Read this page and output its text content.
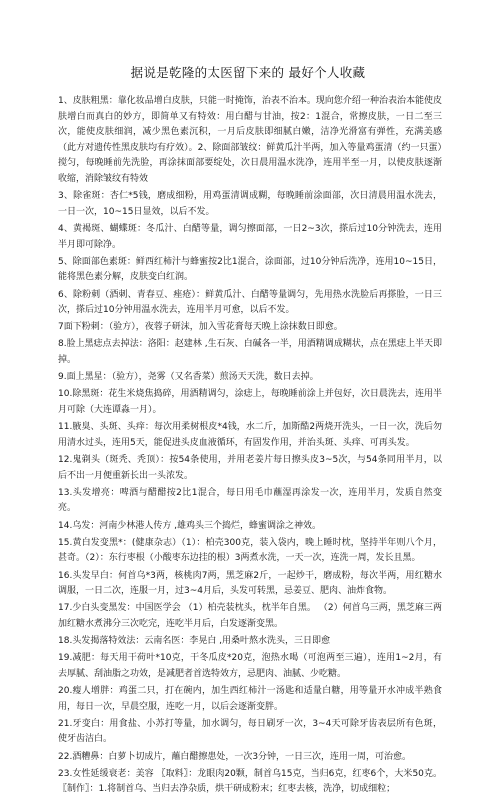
据说是乾隆的太医留下来的 最好个人收藏

1、皮肤粗黑：靠化妆品增白皮肤，只能一时掩饰，治表不治本。现向您介绍一种治表治本能使皮肤增白而真白的妙方，即简单又有特效：用白醋与甘油，按2：1混合，常擦皮肤，一日二至三次，能使皮肤细润，减少黑色素沉积，一月后皮肤即细腻白嫩，洁净光滑富有弹性，充满美感（此方对遗传性黑皮肤均有疗效）。2、除面部皱纹：鲜黄瓜汁半两，加入等量鸡蛋清（约一只蛋）搅匀，每晚睡前先洗脸，再涂抹面部要绽处，次日晨用温水洗净，连用半至一月，以使皮肤逐渐收缩，消除皱纹有特效

3、除雀斑：杏仁*5钱，磨成细粉，用鸡蛋清调成糊，每晚睡前涂面部，次日清晨用温水洗去，一日一次，10~15日显效，以后不发。

4、黄褐斑、蝴蝶斑：冬瓜汁、白醋等量，调匀擦面部，一日2~3次，搽后过10分钟洗去，连用半月即可除净。

5、除面部色素斑：鲜西红柿汁与蜂蜜按2比1混合，涂面部，过10分钟后洗净，连用10~15日，能将黑色素分解，皮肤变白红润。

6、除粉刺（酒刺、青春豆、痤疮）：鲜黄瓜汁、白醋等量调匀，先用热水洗脸后再搽脸，一日三次，搽后过10分钟用温水洗去，连用半月可愈，以后不发。

7面下粉刺：（验方），夜蓉子研沫，加入雪花膏每天晚上涂抹数日即愈。

8.脸上黑痣点去掉法：洛阳：赵建林 ,生石灰、白碱各一半，用酒精调成糊状，点在黑痣上半天即掉。

9.面上黑星：（验方），尧雾（又名香菜）煎汤天天洗，数日去掉。

10.除黑斑：花生米烧焦捣碎，用酒精调匀，涂痣上，每晚睡前涂上并包好，次日晨洗去，连用半月可除（大连谭淼一月）。

11.腋臭、头斑、头痒：每次用柔树根皮*4钱，水二斤，加斯酷2两烧开洗头，一日一次，洗后勿用清水过头，连用5天，能促进头皮血液循环，有固发作用，并治头斑、头痒、可再头发。

12.鬼剃头（斑秃、秃顶）：按54条使用，并用老姜片每日擦头皮3~5次，与54条同用半月，以后不出一月便重新长出一头浓发。

13.头发增亮：啤酒与醋醋按2比1混合，每日用毛巾蘸湿再涂发一次，连用半月，发质自然变亮。

14.乌发：河南少林港人传方 ,雄鸡头三个捣烂，蜂蜜调涂之神效。

15.黄白发变黑*：(健康杂志）（1）：柏壳300克，装入袋内，晚上睡时枕，坚持半年则八个月，甚奇。（2）：东行枣根（小酸枣东边挂的根）3两煮水洗，一天一次，连洗一周，发长且黑。

16.头发早白：何首乌*3两，核桃肉7两，黑芝麻2斤，一起炒干，磨成粉，每次半两，用红糖水调服，一日二次，连服一月，过3~4月后，头发可转黑，忌姜豆、肥肉、油炸食物。

17.少白头变黑发：中国医学会 （1）柏壳装枕头，枕半年自黑。 （2）何首乌三两，黑芝麻三两加红糖水煮沸分三次吃完，连吃半月后，白发逐渐变黑。

18.头发揭落特效法：云南名医：李晃白 ,用桑叶熬水洗头，三日即愈

19.减肥：每天用干荷叶*10克，干冬瓜皮*20克，泡热水喝（可泡两至三遍），连用1~2月，有去厚腻、刮油脂之功效，是减肥者首选特效方，忌肥肉、油腻、少吃糖。

20.瘦人增胖：鸡蛋二只，打在碗内，加生西红柿汁一汤匙和适量白糖，用等量开水冲成半熟食用，每日一次，早晨空服，连吃一月，以后会逐渐变胖。

21.牙变白：用食盐、小苏打等量，加水调匀，每日刷牙一次，3~4天可除牙齿表层所有色斑，使牙齿洁白。

22.酒糟鼻：白萝卜切成片，蘸白醋擦患处，一次3分钟，一日三次，连用一周，可治愈。

23.女性延缓衰老：美容 〖取料〗：龙眼肉20颗，制首乌15克，当归6克，红枣6个，大米50克。〖制作〗：1.将制首乌、当归去净杂质，烘干研成粉末；红枣去核，洗净，切成细粒；
